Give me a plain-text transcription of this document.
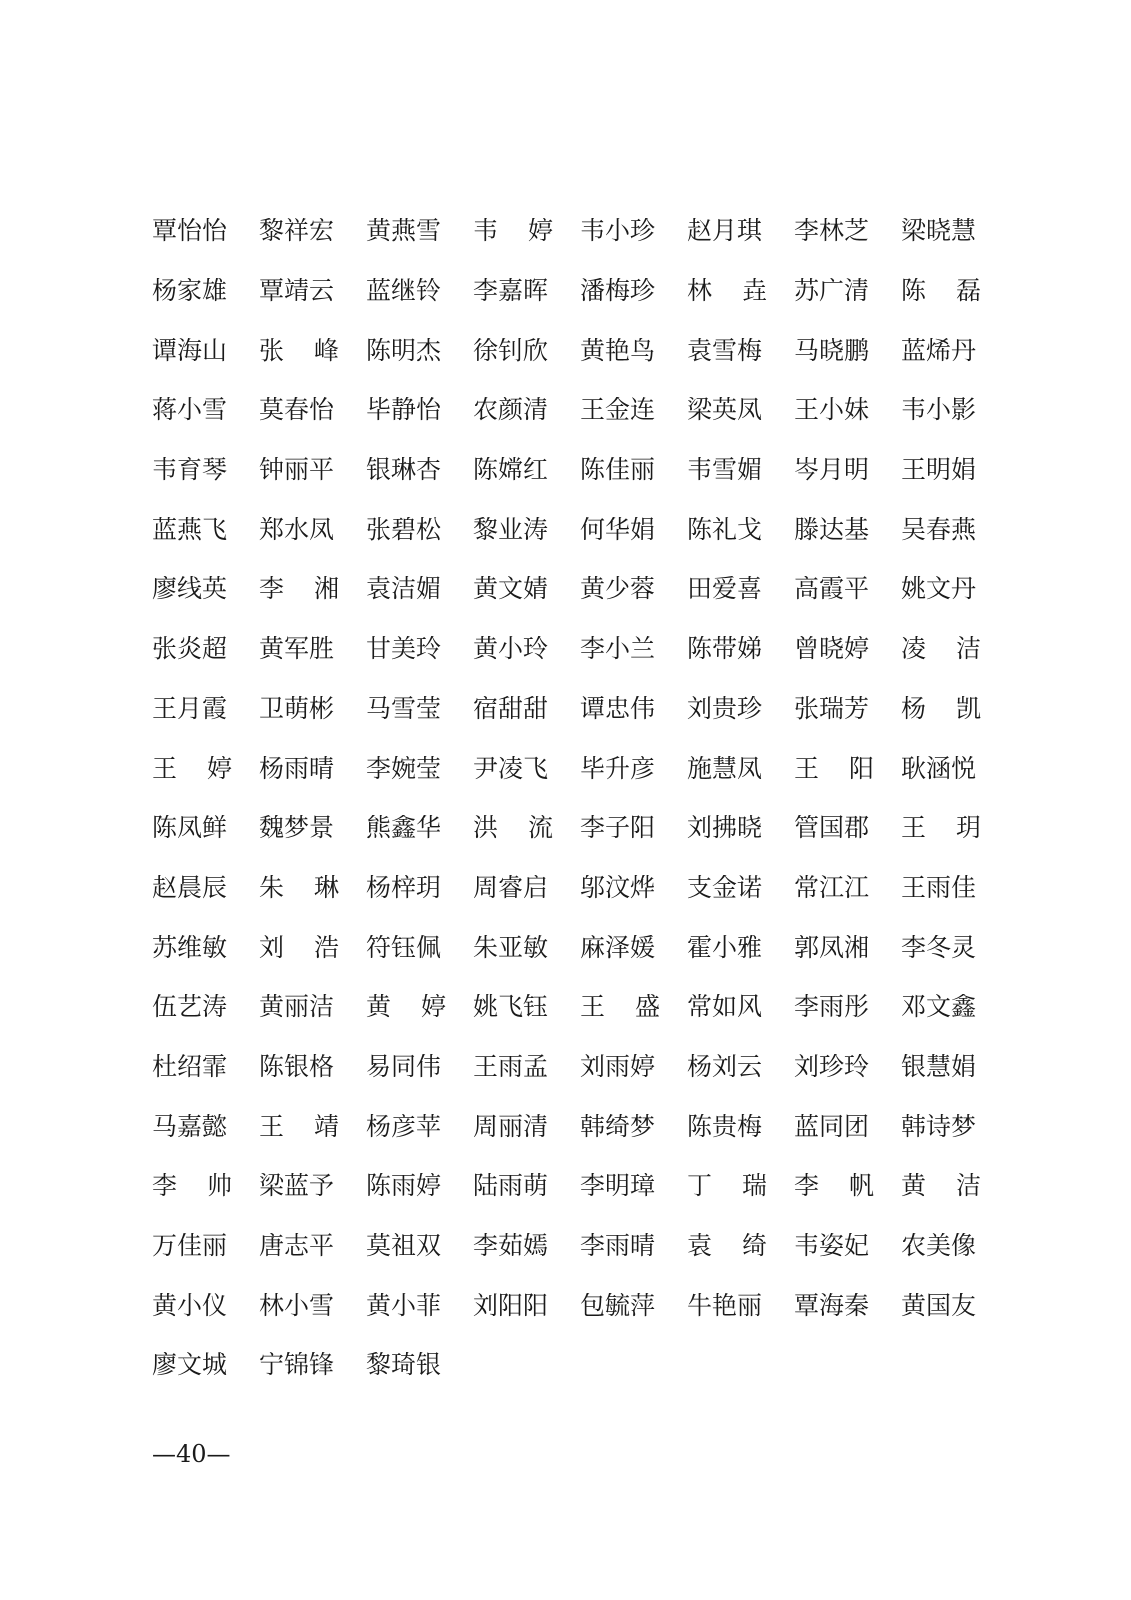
覃怡怡 黎祥宏 黄燕雪 韦 婷 韦小珍 赵月琪 李林芝 梁晓慧
杨家雄 覃靖云 蓝继铃 李嘉晖 潘梅珍 林 垚 苏广清 陈 磊
谭海山 张 峰 陈明杰 徐钊欣 黄艳鸟 袁雪梅 马晓鹏 蓝烯丹
蒋小雪 莫春怡 毕静怡 农颜清 王金连 梁英凤 王小妹 韦小影
韦育琴 钟丽平 银琳杏 陈嫦红 陈佳丽 韦雪媚 岑月明 王明娟
蓝燕飞 郑水凤 张碧松 黎业涛 何华娟 陈礼戈 滕达基 吴春燕
廖线英 李 湘 袁洁媚 黄文婧 黄少蓉 田爱喜 高霞平 姚文丹
张炎超 黄军胜 甘美玲 黄小玲 李小兰 陈带娣 曾晓婷 凌 洁
王月霞 卫萌彬 马雪莹 宿甜甜 谭忠伟 刘贵珍 张瑞芳 杨 凯
王 婷 杨雨晴 李婉莹 尹凌飞 毕升彦 施慧凤 王 阳 耿涵悦
陈凤鲜 魏梦景 熊鑫华 洪 流 李子阳 刘拂晓 管国郡 王 玥
赵晨辰 朱 琳 杨梓玥 周睿启 邬汶烨 支金诺 常江江 王雨佳
苏维敏 刘 浩 符钰佩 朱亚敏 麻泽媛 霍小雅 郭凤湘 李冬灵
伍艺涛 黄丽洁 黄 婷 姚飞钰 王 盛 常如风 李雨彤 邓文鑫
杜绍霏 陈银格 易同伟 王雨孟 刘雨婷 杨刘云 刘珍玲 银慧娟
马嘉懿 王 靖 杨彦苹 周丽清 韩绮梦 陈贵梅 蓝同团 韩诗梦
李 帅 梁蓝予 陈雨婷 陆雨萌 李明璋 丁 瑞 李 帆 黄 洁
万佳丽 唐志平 莫祖双 李茹嫣 李雨晴 袁 绮 韦姿妃 农美像
黄小仪 林小雪 黄小菲 刘阳阳 包毓萍 牛艳丽 覃海秦 黄国友
廖文城 宁锦锋 黎琦银
—40—
